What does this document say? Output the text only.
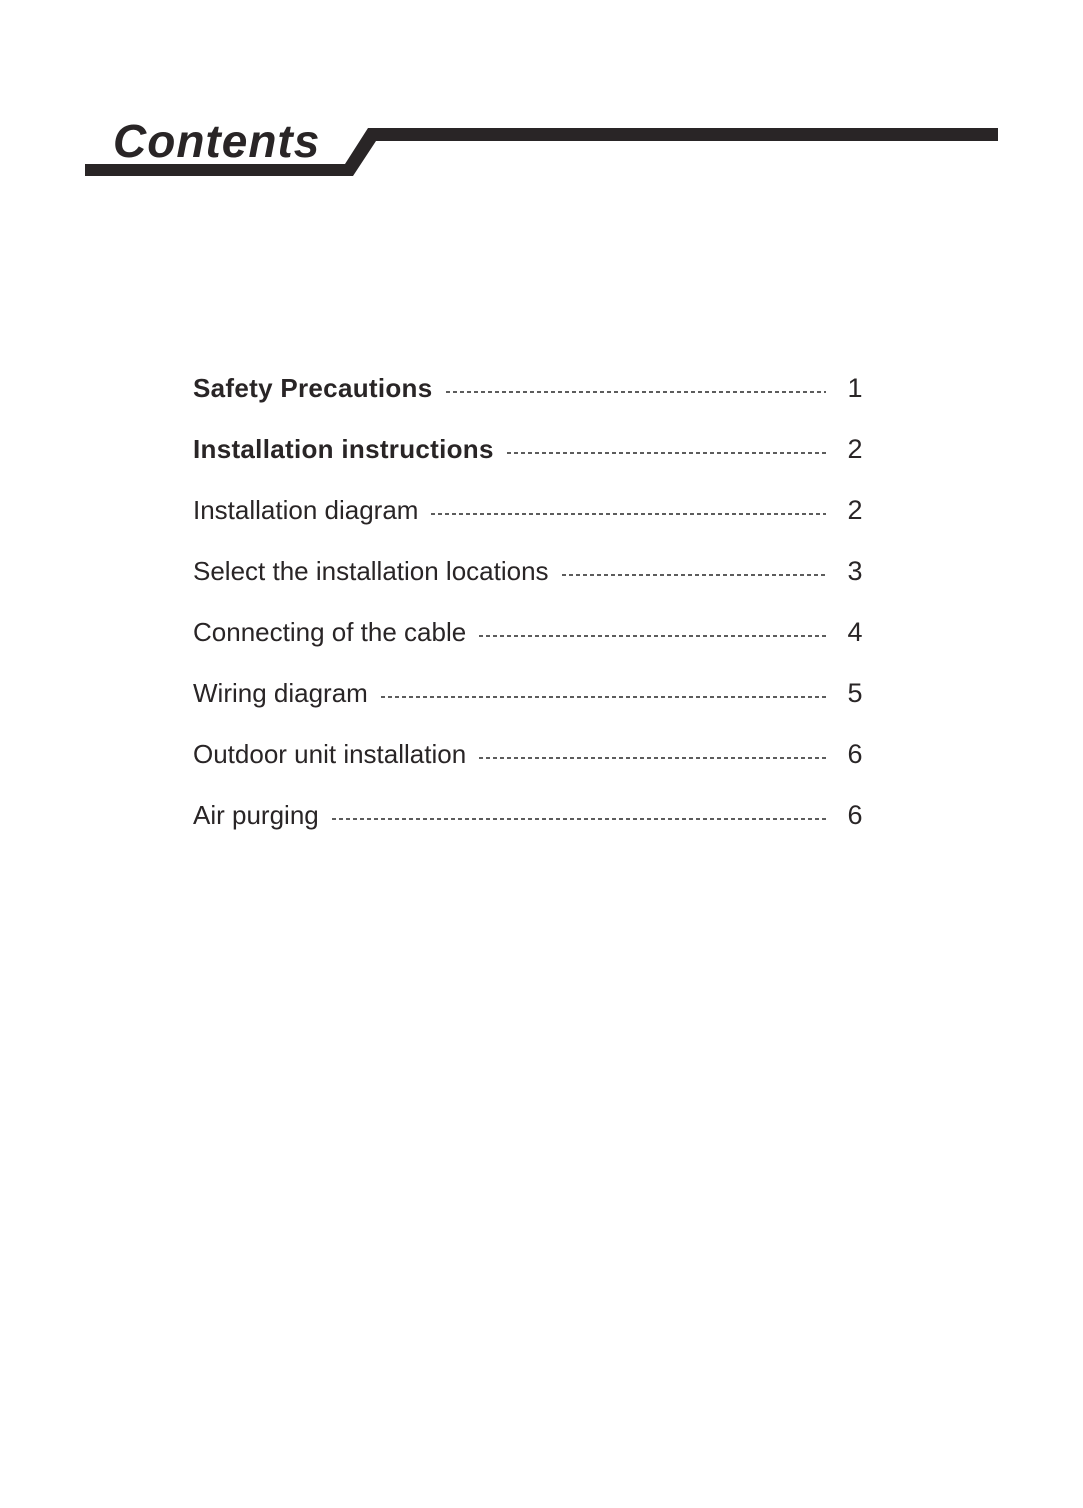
Contents
Safety Precautions	1
Installation instructions	2
Installation diagram	2
Select the installation locations	3
Connecting of the cable	4
Wiring diagram	5
Outdoor unit installation	6
Air purging	6
